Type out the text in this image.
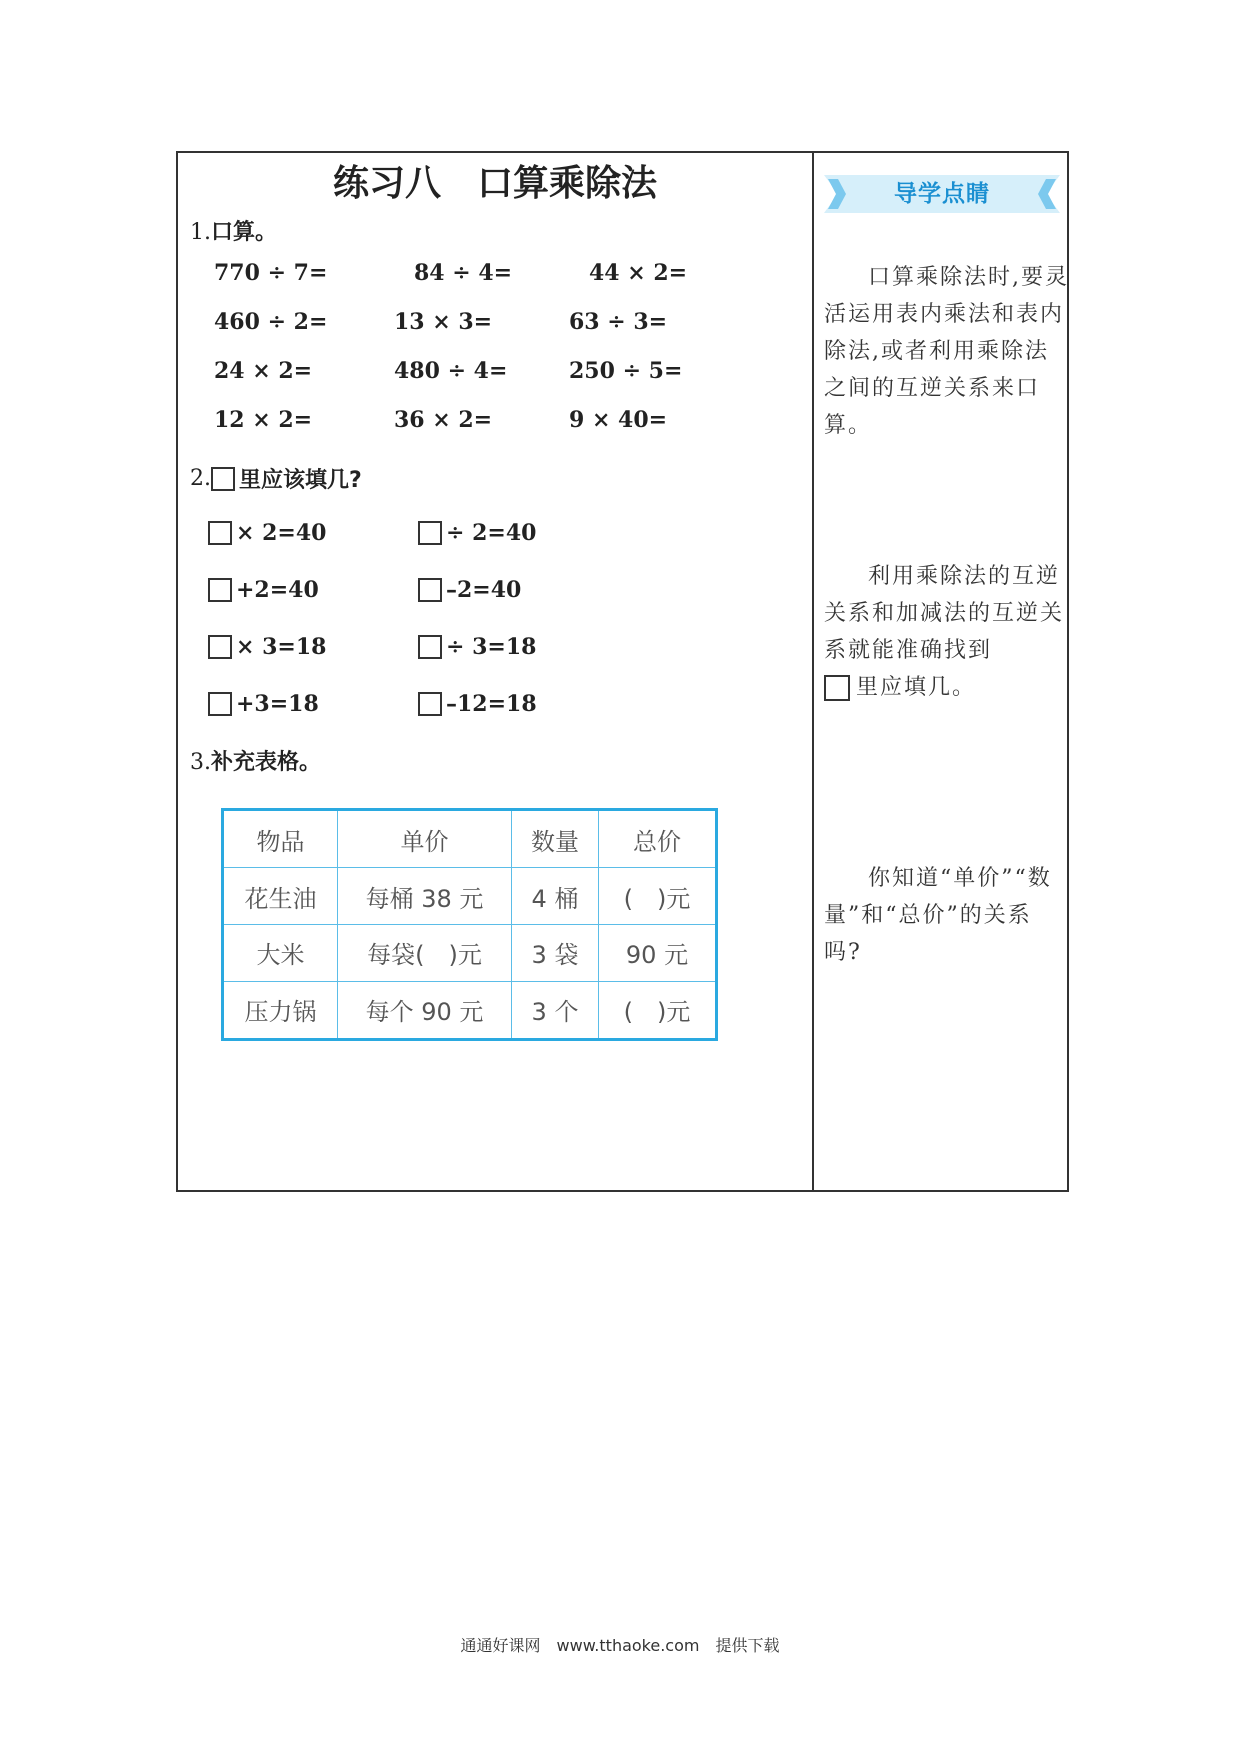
练习八　口算乘除法
1.口算。
770 ÷ 7=	84 ÷ 4=	44 × 2=
460 ÷ 2=	13 × 3=	63 ÷ 3=
24 × 2=	480 ÷ 4=	250 ÷ 5=
12 × 2=	36 × 2=	9 × 40=
2. 里应该填几?
× 2=40	÷ 2=40
+2=40	–2=40
× 3=18	÷ 3=18
+3=18	–12=18
3.补充表格。
物品	单价	数量	总价
花生油	每桶 38 元	4 桶	(　)元
大米	每袋(　)元	3 袋	90 元
压力锅	每个 90 元	3 个	(　)元
导学点睛
口算乘除法时,要灵活运用表内乘法和表内除法,或者利用乘除法之间的互逆关系来口算。
利用乘除法的互逆关系和加减法的互逆关系就能准确找到
里应填几。
你知道“单价”“数量”和“总价”的关系吗?
通通好课网　www.tthaoke.com　提供下载
